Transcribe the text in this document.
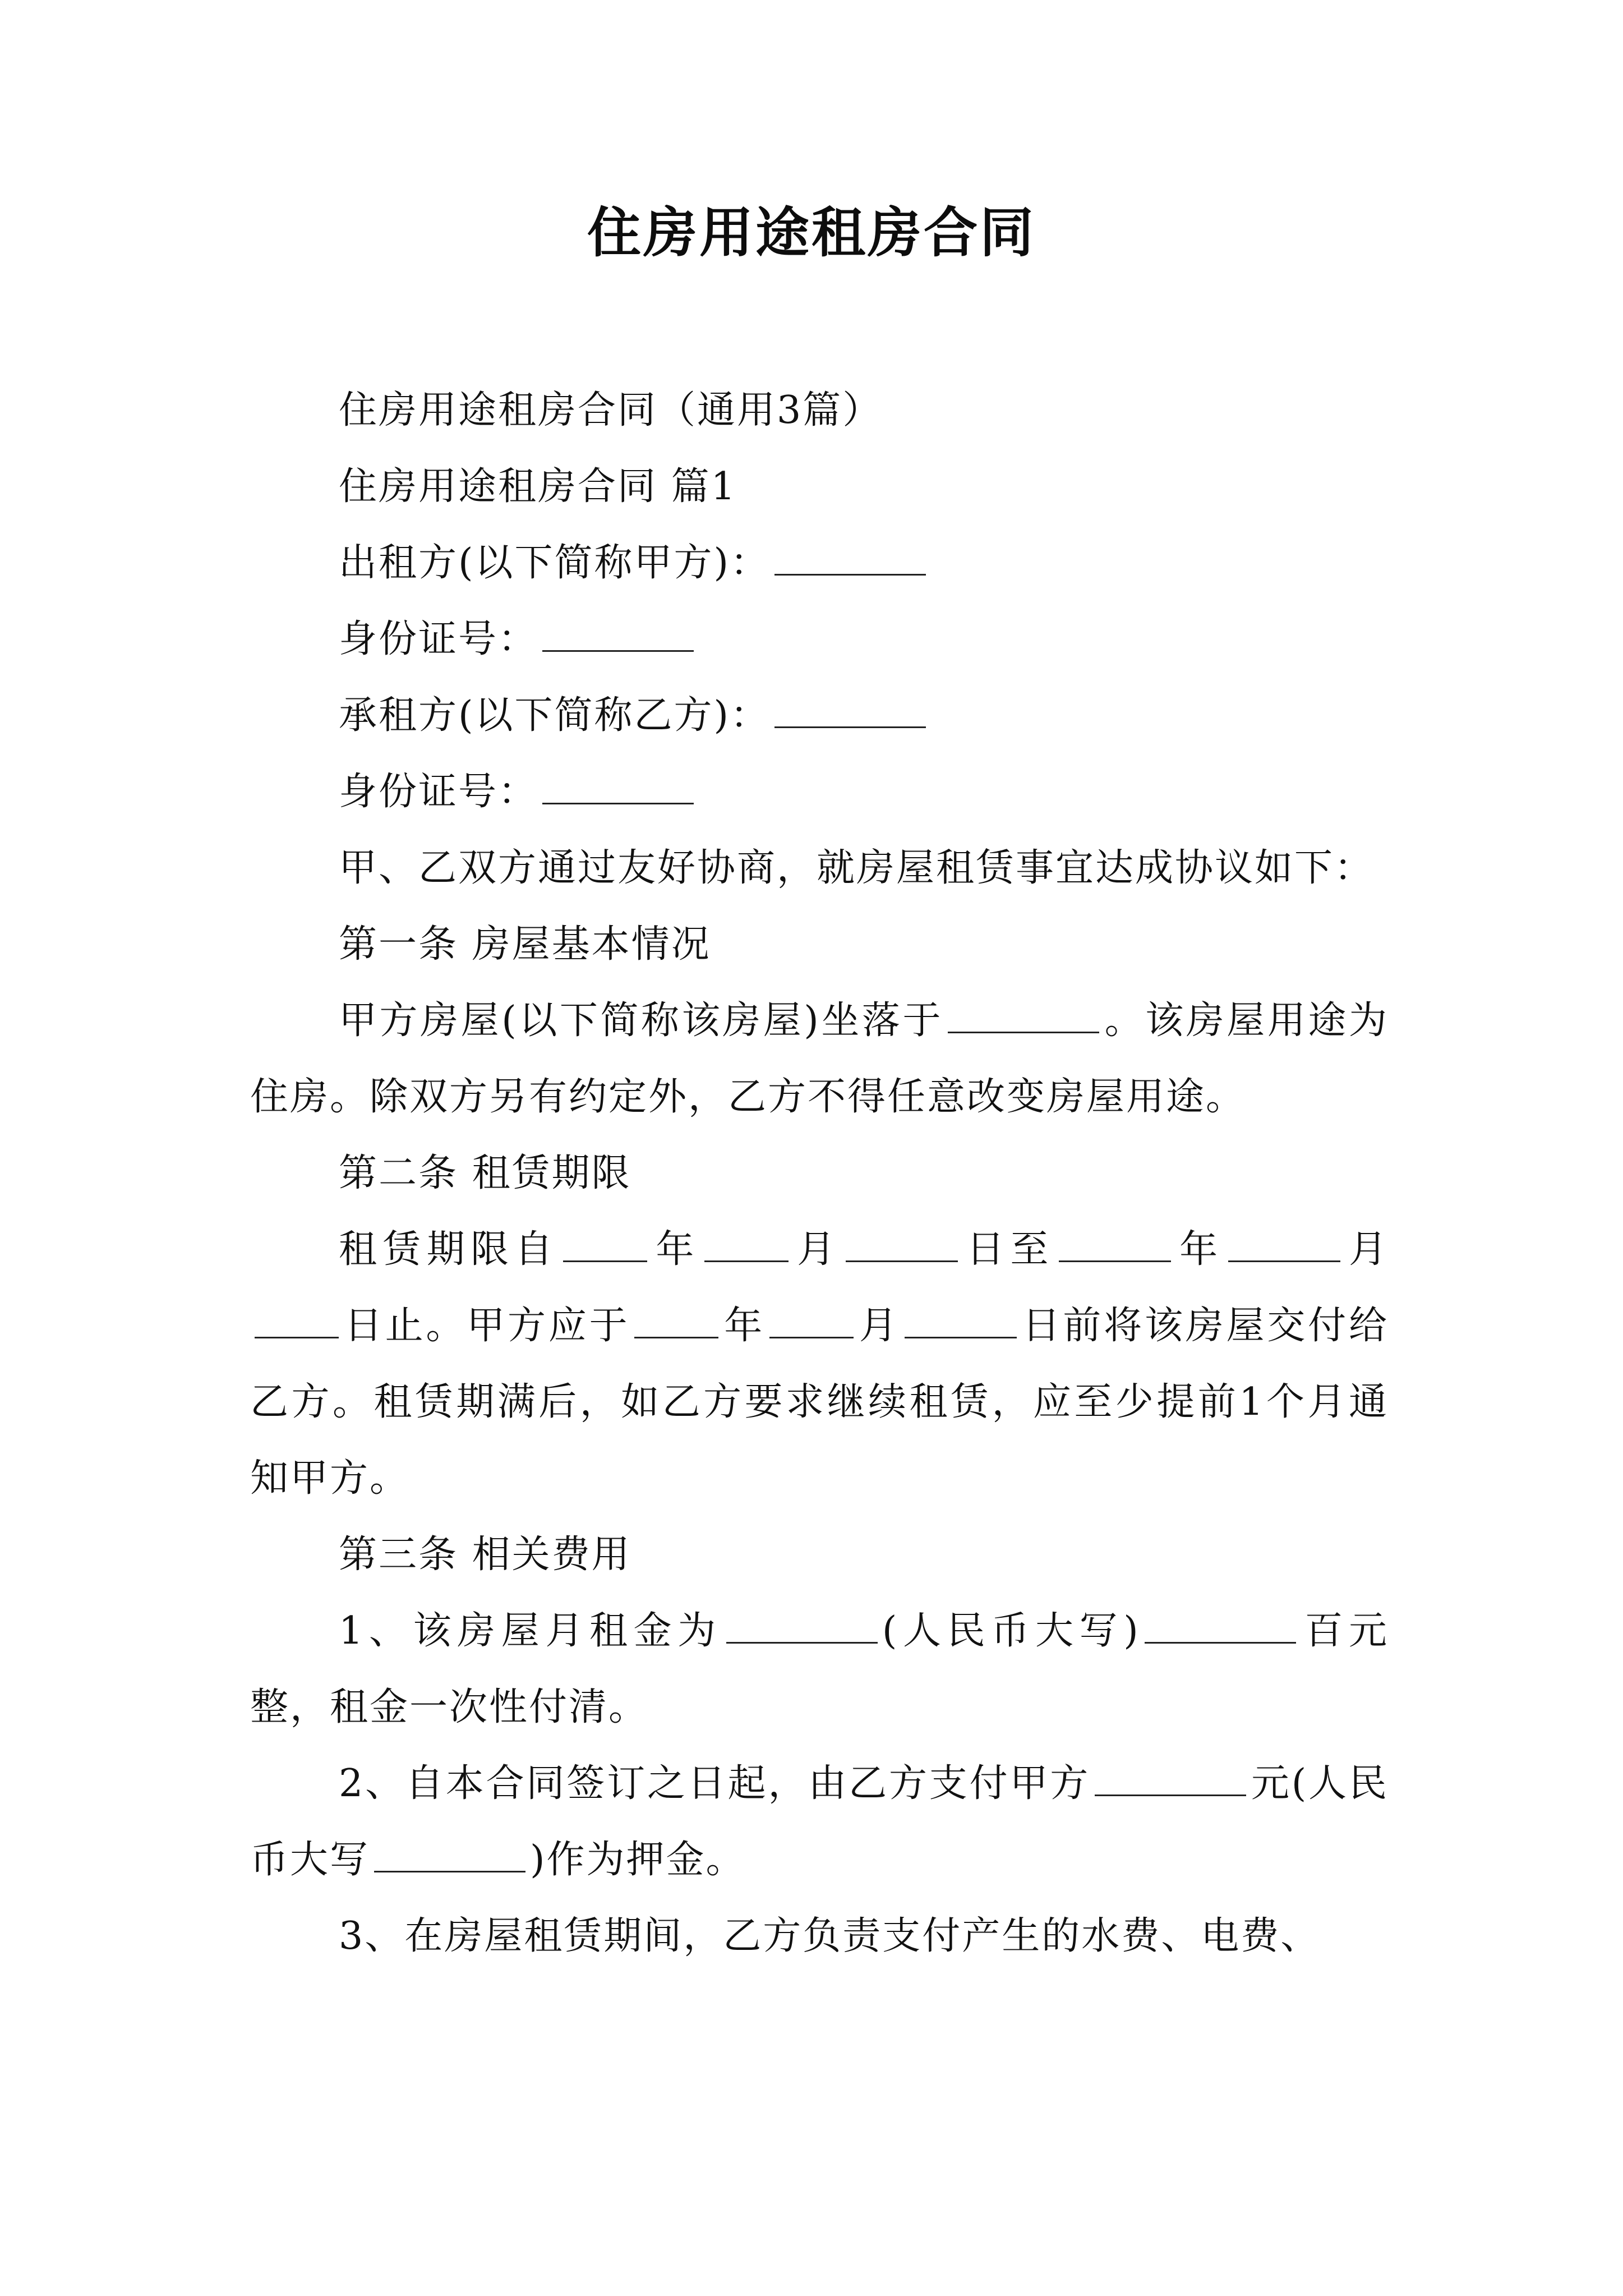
住房用途租房合同

住房用途租房合同（通用3篇）

住房用途租房合同 篇1

出租方(以下简称甲方)：

身份证号：

承租方(以下简称乙方)：

身份证号：

甲、乙双方通过友好协商，就房屋租赁事宜达成协议如下：

第一条 房屋基本情况

甲方房屋(以下简称该房屋)坐落于	。该房屋用途为住房。除双方另有约定外，乙方不得任意改变房屋用途。

第二条 租赁期限

租赁期限自 年 月	日至	年	月日止。甲方应于 年 月	日前将该房屋交付给乙方。租赁期满后，如乙方要求继续租赁，应至少提前1个月通知甲方。

第三条 相关费用

1、该房屋月租金为	(人民币大写)	百元整，租金一次性付清。

2、自本合同签订之日起，由乙方支付甲方	元(人民币大写	)作为押金。

3、在房屋租赁期间，乙方负责支付产生的水费、电费、
